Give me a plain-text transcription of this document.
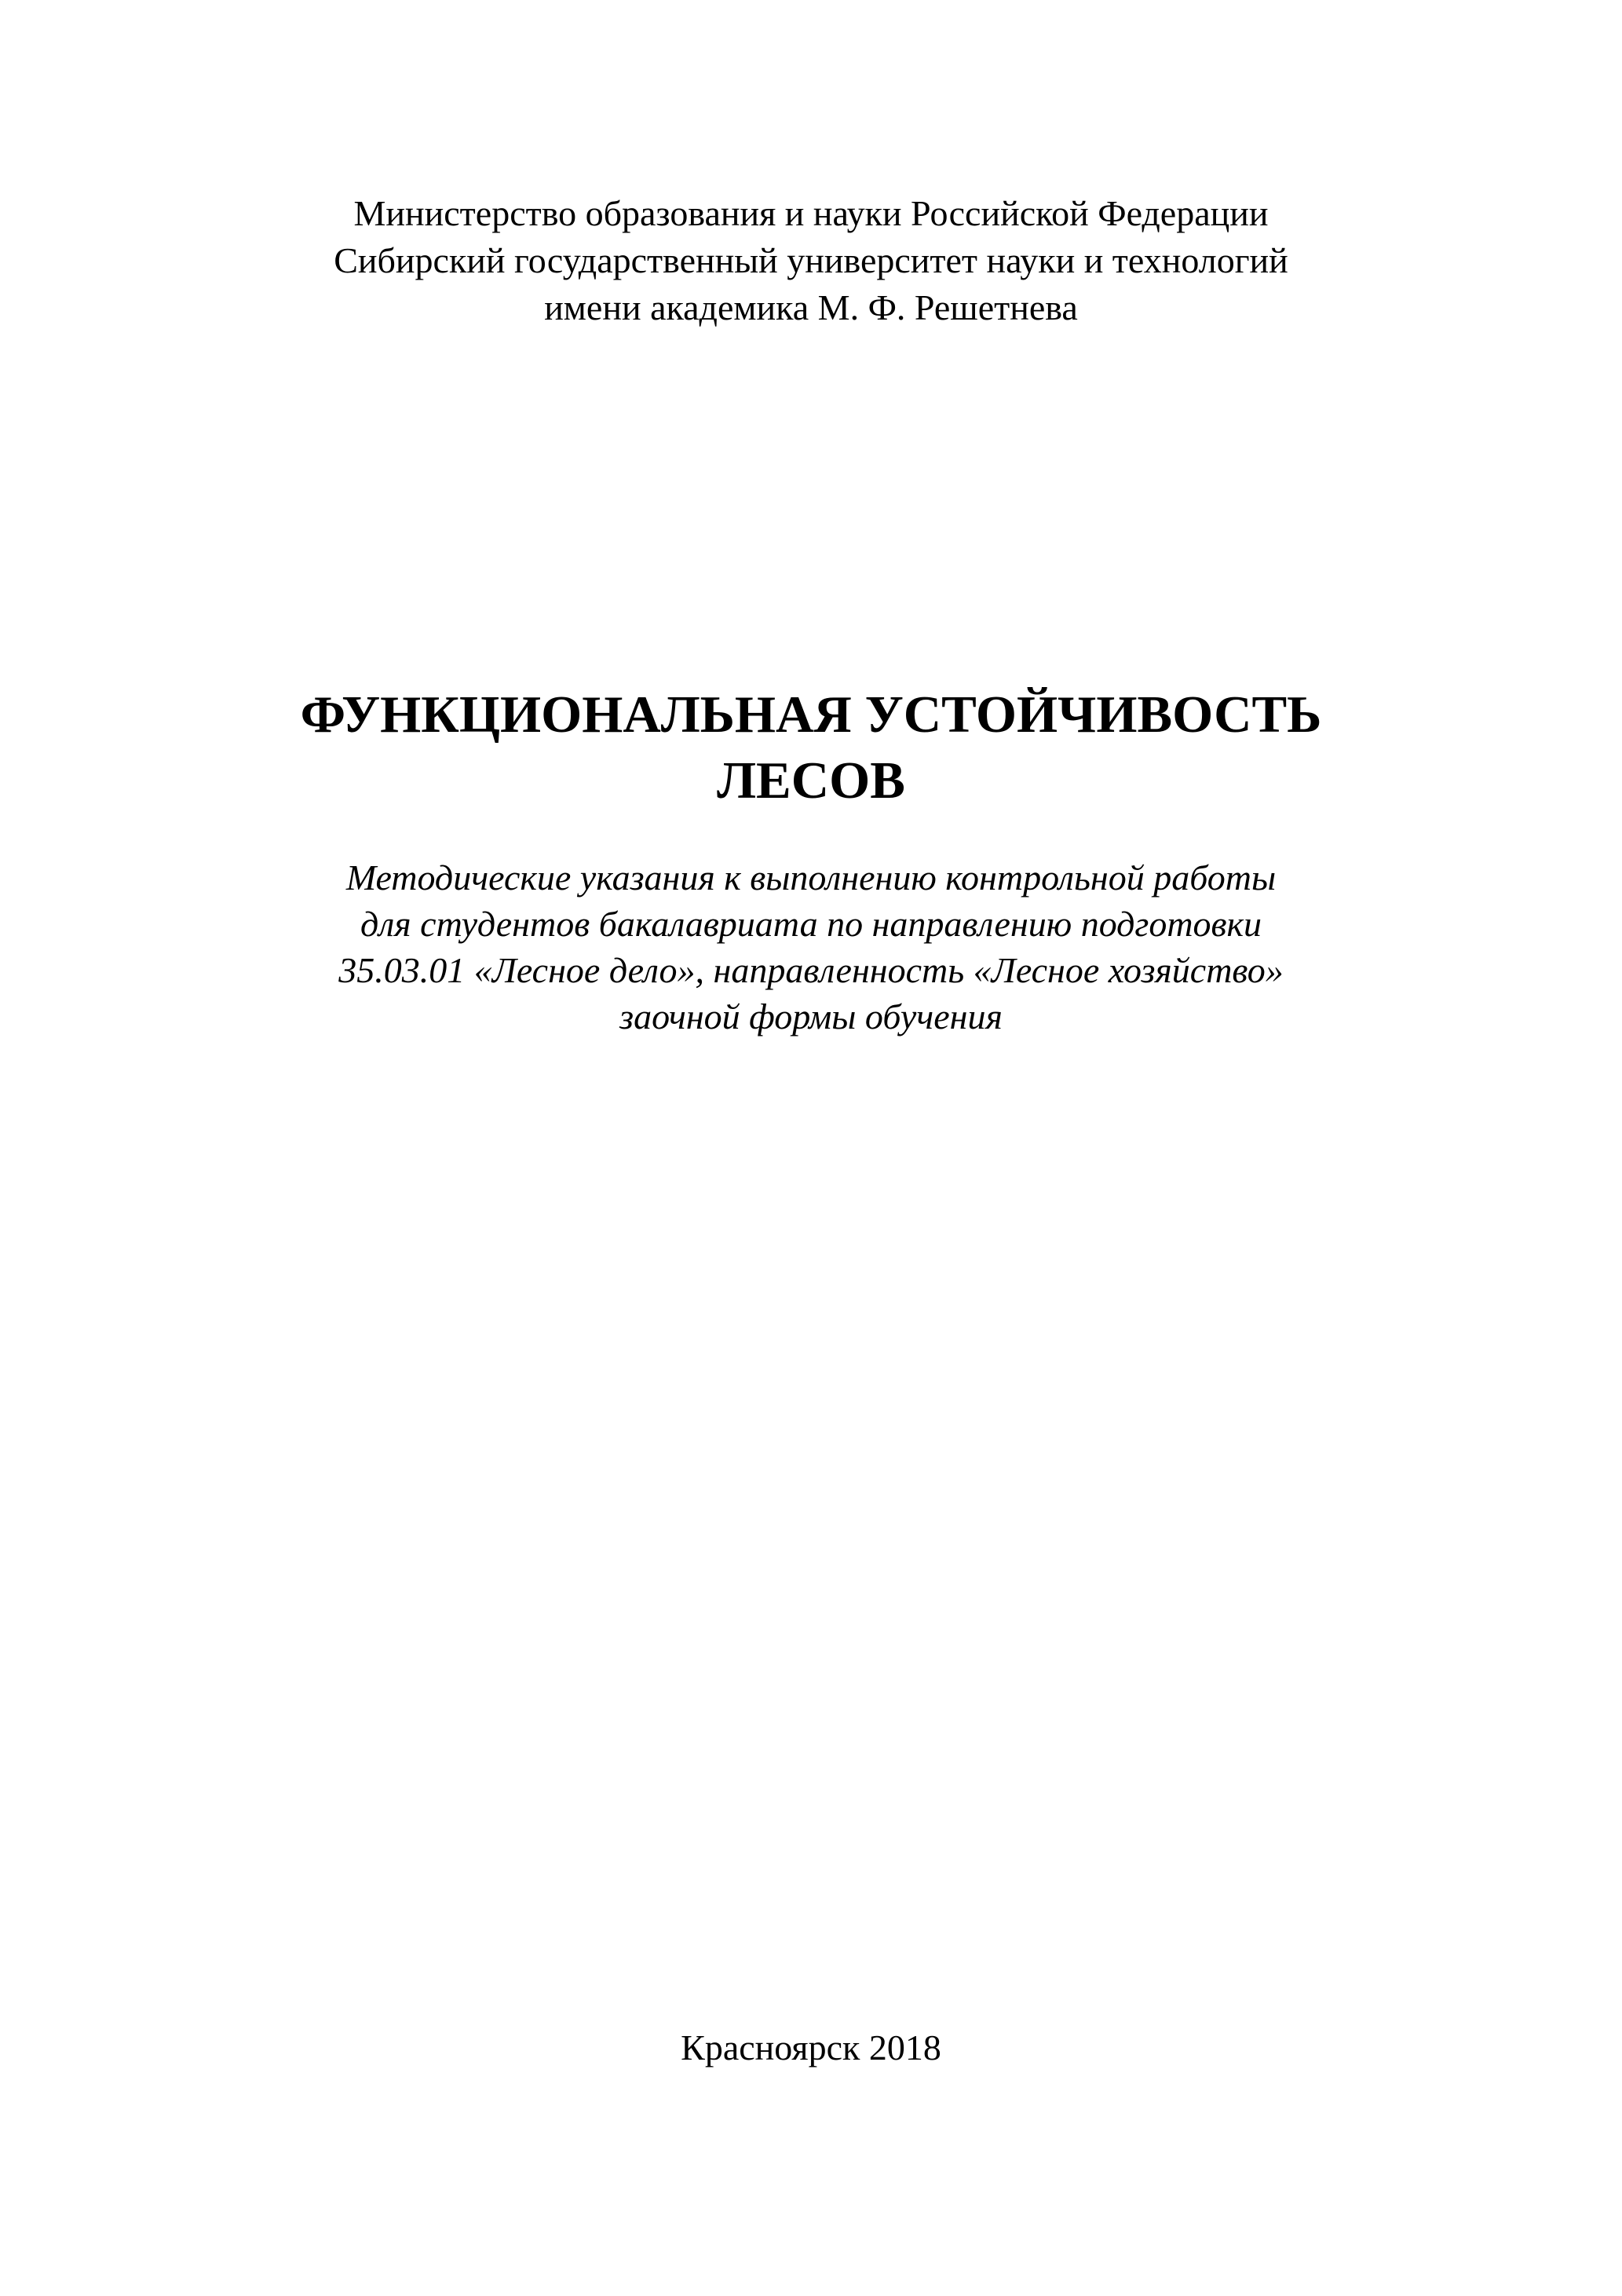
Министерство образования и науки Российской Федерации
Сибирский государственный университет науки и технологий
имени академика М. Ф. Решетнева
ФУНКЦИОНАЛЬНАЯ УСТОЙЧИВОСТЬ
ЛЕСОВ
Методические указания к выполнению контрольной работы
для студентов бакалавриата по направлению подготовки
35.03.01 «Лесное дело», направленность «Лесное хозяйство»
заочной формы обучения
Красноярск 2018
